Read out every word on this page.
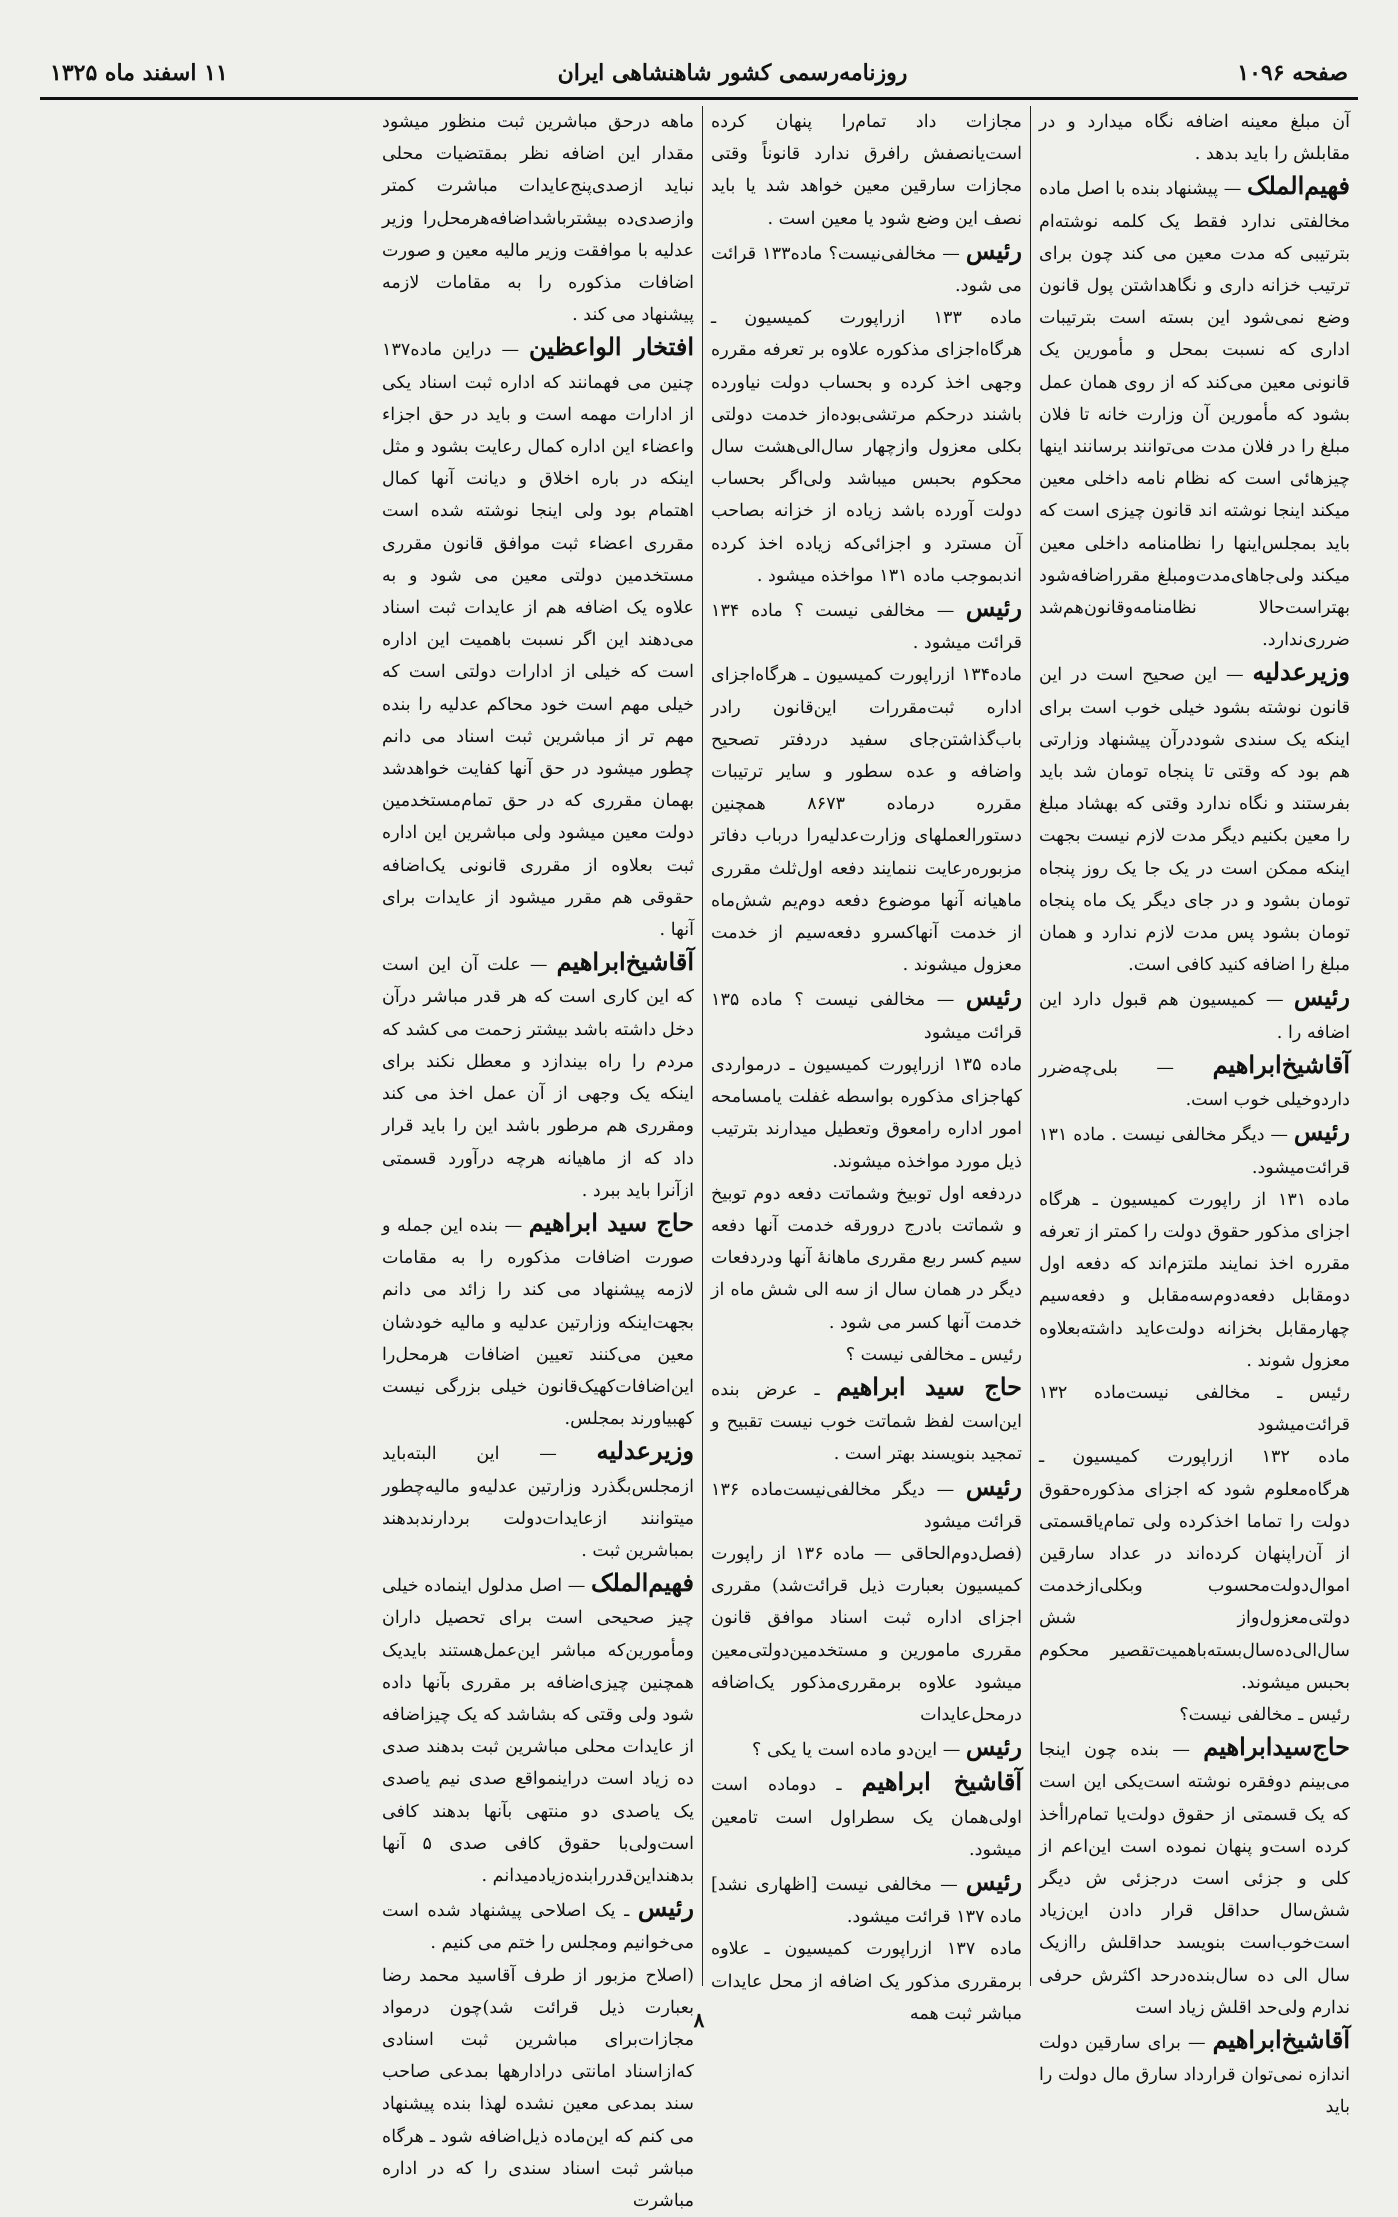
صفحه ۱۰۹۶
روزنامه‌رسمی کشور شاهنشاهی ایران
۱۱ اسفند ماه ۱۳۲۵

آن مبلغ معینه اضافه نگاه میدارد و در مقابلش را باید بدهد .

فهیم‌الملک — پیشنهاد بنده با اصل ماده مخالفتی ندارد فقط یک کلمه نوشته‌ام بترتیبی که مدت معین می کند چون برای ترتیب خزانه داری و نگاهداشتن پول قانون وضع نمی‌شود این بسته است بترتیبات اداری که نسبت بمحل و مأمورین یک قانونی معین می‌کند که از روی همان عمل بشود که مأمورین آن وزارت خانه تا فلان مبلغ را در فلان مدت می‌توانند برسانند اینها چیزهائی است که نظام نامه داخلی معین میکند اینجا نوشته اند قانون چیزی است که باید بمجلس‌اینها را نظامنامه داخلی معین میکند ولی‌جاهای‌مدت‌ومبلغ مقرراضافه‌شود بهتراست‌حالا نظامنامه‌وقانون‌هم‌شد ضرری‌ندارد.

وزیرعدلیه — این صحیح است در این قانون نوشته بشود خیلی خوب است برای اینکه یک سندی شوددرآن پیشنهاد وزارتی هم بود که وقتی تا پنجاه تومان شد باید بفرستند و نگاه ندارد وقتی که بهشاد مبلغ را معین بکنیم دیگر مدت لازم نیست بجهت اینکه ممکن است در یک جا یک روز پنجاه تومان بشود و در جای دیگر یک ماه پنجاه تومان بشود پس مدت لازم ندارد و همان مبلغ را اضافه کنید کافی است.

رئیس — کمیسیون هم قبول دارد این اضافه را .

آقاشیخ‌ابراهیم — بلی‌چه‌ضرر داردوخیلی خوب است.

رئیس — دیگر مخالفی نیست . ماده ۱۳۱ قرائت‌میشود.

ماده ۱۳۱ از راپورت کمیسیون ـ هرگاه اجزای مذکور حقوق دولت را کمتر از تعرفه مقرره اخذ نمایند ملتزم‌اند که دفعه اول دومقابل دفعه‌دوم‌سه‌مقابل و دفعه‌سیم چهارمقابل بخزانه دولت‌عاید داشته‌بعلاوه معزول شوند .

رئیس ـ مخالفی نیست‌ماده ۱۳۲ قرائت‌میشود

ماده ۱۳۲ ازراپورت کمیسیون ـ هرگاه‌معلوم شود که اجزای مذکوره‌حقوق دولت را تماما اخذکرده ولی تمام‌یاقسمتی از آن‌راپنهان کرده‌اند در عداد سارقین اموال‌دولت‌محسوب وبکلی‌ازخدمت دولتی‌معزول‌واز شش سال‌الی‌ده‌سال‌بسته‌باهمیت‌تقصیر محکوم بحبس میشوند.

رئیس ـ مخالفی نیست؟

حاج‌سیدابراهیم — بنده چون اینجا می‌بینم دوفقره نوشته است‌یکی این است که یک قسمتی از حقوق دولت‌یا تمام‌راأخذ کرده است‌و پنهان نموده است این‌اعم از کلی و جزئی است درجزئی ش دیگر شش‌سال حداقل قرار دادن این‌زیاد است‌خوب‌است بنویسد حداقلش راازیک سال الی ده سال‌بنده‌درحد اکثرش حرفی ندارم ولی‌حد اقلش زیاد است

آقاشیخ‌ابراهیم — برای سارقین دولت اندازه نمی‌توان قرارداد سارق مال دولت را باید

مجازات داد تمام‌را پنهان کرده است‌یانصفش را‌فرق ندارد قانوناً وقتی مجازات سارقین معین خواهد شد یا باید نصف این وضع شود یا معین است .

رئیس — مخالفی‌نیست؟ ماده۱۳۳ قرائت می شود.

ماده ۱۳۳ ازراپورت کمیسیون ـ هرگاه‌اجزای مذکوره علاوه بر تعرفه مقرره وجهی اخذ کرده و بحساب دولت نیاورده باشند درحکم مرتشی‌بوده‌از خدمت دولتی بکلی معزول وازچهار سال‌الی‌هشت سال محکوم بحبس میباشد ولی‌اگر بحساب دولت آورده باشد زیاده از خزانه بصاحب آن مسترد و اجزائی‌که زیاده اخذ کرده اندبموجب ماده ۱۳۱ مواخذه میشود .

رئیس — مخالفی نیست ؟ ماده ۱۳۴ قرائت میشود .

ماده۱۳۴ ازراپورت کمیسیون ـ هرگاه‌اجزای اداره ثبت‌مقررات این‌قانون رادر باب‌گذاشتن‌جای سفید دردفتر تصحیح واضافه و عده سطور و سایر ترتیبات مقرره درماده ۸۶۷۳ همچنین دستور‌العملهای وزارت‌عدلیه‌را درباب دفاتر مزبوره‌رعایت ننمایند دفعه اول‌ثلث مقرری ماهیانه آنها موضوع دفعه دوم‌یم شش‌ماه از خدمت آنهاکسرو دفعه‌سیم از خدمت معزول میشوند .

رئیس — مخالفی نیست ؟ ماده ۱۳۵ قرائت میشود

ماده ۱۳۵ ازراپورت کمیسیون ـ درمواردی کهاجزای مذکوره بواسطه غفلت یامسامحه امور اداره رامعوق وتعطیل میدارند بترتیب ذیل مورد مواخذه میشوند.

دردفعه اول توبیخ وشماتت دفعه دوم توبیخ و شماتت بادرج درورقه خدمت آنها دفعه سیم کسر ربع مقرری ماهانهٔ آنها ودردفعات دیگر در همان سال از سه الی شش ماه از خدمت آنها کسر می شود .

رئیس ـ مخالفی نیست ؟

حاج سید ابراهیم ـ عرض بنده این‌است لفظ شماتت خوب نیست تقبیح و تمجید بنویسند بهتر است .

رئیس — دیگر مخالفی‌نیست‌ماده ۱۳۶ قرائت میشود

(فصل‌دوم‌الحاقی — ماده ۱۳۶ از راپورت کمیسیون بعبارت ذیل قرائت‌شد) مقرری اجزای اداره ثبت اسناد موافق قانون مقرری مامورین و مستخدمین‌دولتی‌معین میشود علاوه برمقرری‌مذکور یک‌اضافه در‌محل‌عایدات

رئیس — این‌دو ماده است یا یکی ؟

آقاشیخ ابراهیم ـ دوماده است اولی‌همان یک سطراول است تامعین میشود.

رئیس — مخالفی نیست [اظهاری نشد] ماده ۱۳۷ قرائت میشود.

ماده ۱۳۷ ازراپورت کمیسیون ـ علاوه برمقرری مذکور یک اضافه از محل عایدات مباشر ثبت همه

ماهه درحق مباشرین ثبت منظور میشود مقدار این اضافه نظر بمقتضیات محلی نباید ازصدی‌پنج‌عایدات مباشرت کمتر وازصدی‌ده بیشتر‌باشداضافه‌هرمحل‌را وزیر عدلیه با موافقت وزیر مالیه معین و صورت اضافات مذکوره را به مقامات لازمه پیشنهاد می کند .

افتخار الواعظین — دراین ماده۱۳۷ چنین می فهمانند که اداره ثبت اسناد یکی از ادارات مهمه است و باید در حق اجزاء واعضاء این اداره کمال رعایت بشود و مثل اینکه در باره اخلاق و دیانت آنها کمال اهتمام بود ولی اینجا نوشته شده است مقرری اعضاء ثبت موافق قانون مقرری مستخدمین دولتی معین می شود و به علاوه یک اضافه هم از عایدات ثبت اسناد می‌دهند این اگر نسبت باهمیت این اداره است که خیلی از ادارات دولتی است که خیلی مهم است خود محاکم عدلیه را بنده مهم تر از مباشرین ثبت اسناد می دانم چطور میشود در حق آنها کفایت خواهدشد بهمان مقرری که در حق تمام‌مستخدمین دولت معین میشود ولی مباشرین این اداره ثبت بعلاوه از مقرری قانونی یک‌اضافه حقوقی هم مقرر میشود از عایدات برای آنها .

آقاشیخ‌ابراهیم — علت آن این است که این کاری است که هر قدر مباشر درآن دخل داشته باشد بیشتر زحمت می کشد که مردم را راه بیندازد و معطل نکند برای اینکه یک وجهی از آن عمل اخذ می کند ومقرری هم مرطور باشد این را باید قرار داد که از ماهیانه هرچه درآورد قسمتی ازآنرا باید ببرد .

حاج سید ابراهیم — بنده این جمله و صورت اضافات مذکوره را به مقامات لازمه پیشنهاد می کند را زائد می دانم بجهت‌اینکه وزارتین عدلیه و مالیه خودشان معین می‌کنند تعیین اضافات هرمحل‌را این‌اضافات‌کهیک‌قانون خیلی بزرگی نیست کهبیاورند بمجلس.

وزیرعدلیه — این البته‌باید ازمجلس‌بگذرد وزارتین عدلیه‌و مالیه‌چطور میتوانند ازعایدات‌دولت بردارندبدهند بمباشرین ثبت .

فهیم‌الملک — اصل مدلول اینماده خیلی چیز صحیحی است برای تحصیل داران ومأمورین‌که مباشر این‌عمل‌هستند بایدیک همچنین چیزی‌اضافه بر مقرری بآنها داده شود ولی وقتی که بشاشد که یک چیزاضافه از عایدات محلی مباشرین ثبت بدهند صدی ده زیاد است دراینمواقع صدی نیم یاصدی یک یاصدی دو منتهی بآنها بدهند کافی است‌ولی‌با حقوق کافی صدی ۵ آنها بدهند‌این‌قدر‌را‌بنده‌زیادمیدانم .

رئیس ـ یک اصلاحی پیشنهاد شده است می‌خوانیم ومجلس را ختم می کنیم .

(اصلاح مزبور از طرف آقاسید محمد رضا بعبارت ذیل قرائت شد)چون درمواد مجازات‌برای مباشرین ثبت اسنادی که‌ازاسناد امانتی درادارهها بمدعی صاحب سند بمدعی معین نشده لهذا بنده پیشنهاد می کنم که این‌ماده ذیل‌اضافه شود ـ هرگاه مباشر ثبت اسناد سندی را که در اداره مباشرت

۸
